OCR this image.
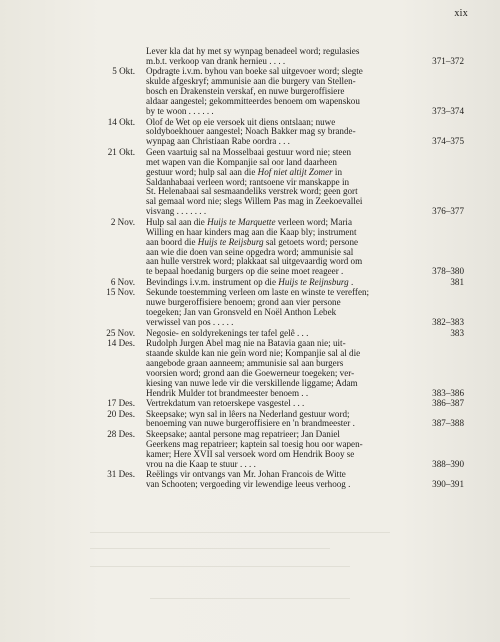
xix
Lever kla dat hy met sy wynpag benadeel word; regulasies
m.b.t. verkoop van drank hernieu . . . .	371–372
5 Okt. Opdragte i.v.m. byhou van boeke sal uitgevoer word; slegte
skulde afgeskryf; ammunisie aan die burgery van Stellen-
bosch en Drakenstein verskaf, en nuwe burgeroffisiere
aldaar aangestel; gekommitteerdes benoem om wapenskou
by te woon . . . . . .	373–374
14 Okt. Olof de Wet op eie versoek uit diens ontslaan; nuwe
soldyboekhouer aangestel; Noach Bakker mag sy brande-
wynpag aan Christiaan Rabe oordra . . .	374–375
21 Okt. Geen vaartuig sal na Mosselbaai gestuur word nie; steen
met wapen van die Kompanjie sal oor land daarheen
gestuur word; hulp sal aan die Hof niet altijt Zomer in
Saldanhabaai verleen word; rantsoene vir manskappe in
St. Helenabaai sal sesmaandeliks verstrek word; geen gort
sal gemaal word nie; slegs Willem Pas mag in Zeekoevallei
visvang . . . . . . .	376–377
2 Nov. Hulp sal aan die Huijs te Marquette verleen word; Maria
Willing en haar kinders mag aan die Kaap bly; instrument
aan boord die Huijs te Reijsburg sal getoets word; persone
aan wie die doen van seine opgedra word; ammunisie sal
aan hulle verstrek word; plakkaat sal uitgevaardig word om
te bepaal hoedanig burgers op die seine moet reageer .	378–380
6 Nov. Bevindings i.v.m. instrument op die Huijs te Reijnsburg .	381
15 Nov. Sekunde toestemming verleen om laste en winste te vereffen;
nuwe burgeroffisiere benoem; grond aan vier persone
toegeken; Jan van Gronsveld en Noël Anthon Lebek
verwissel van pos . . . . .	382–383
25 Nov. Negosie- en soldyrekenings ter tafel gelê . . .	383
14 Des. Rudolph Jurgen Abel mag nie na Batavia gaan nie; uit-
staande skulde kan nie geïn word nie; Kompanjie sal al die
aangebode graan aanneem; ammunisie sal aan burgers
voorsien word; grond aan die Goewerneur toegeken; ver-
kiesing van nuwe lede vir die verskillende liggame; Adam
Hendrik Mulder tot brandmeester benoem . .	383–386
17 Des. Vertrekdatum van retoerskepe vasgestel . . .	386–387
20 Des. Skeepsake; wyn sal in lêers na Nederland gestuur word;
benoeming van nuwe burgeroffisiere en 'n brandmeester .	387–388
28 Des. Skeepsake; aantal persone mag repatrieer; Jan Daniel
Geerkens mag repatrieer; kaptein sal toesig hou oor wapen-
kamer; Here XVII sal versoek word om Hendrik Booy se
vrou na die Kaap te stuur . . . .	388–390
31 Des. Reëlings vir ontvangs van Mr. Johan Francois de Witte
van Schooten; vergoeding vir lewendige leeus verhoog .	390–391
